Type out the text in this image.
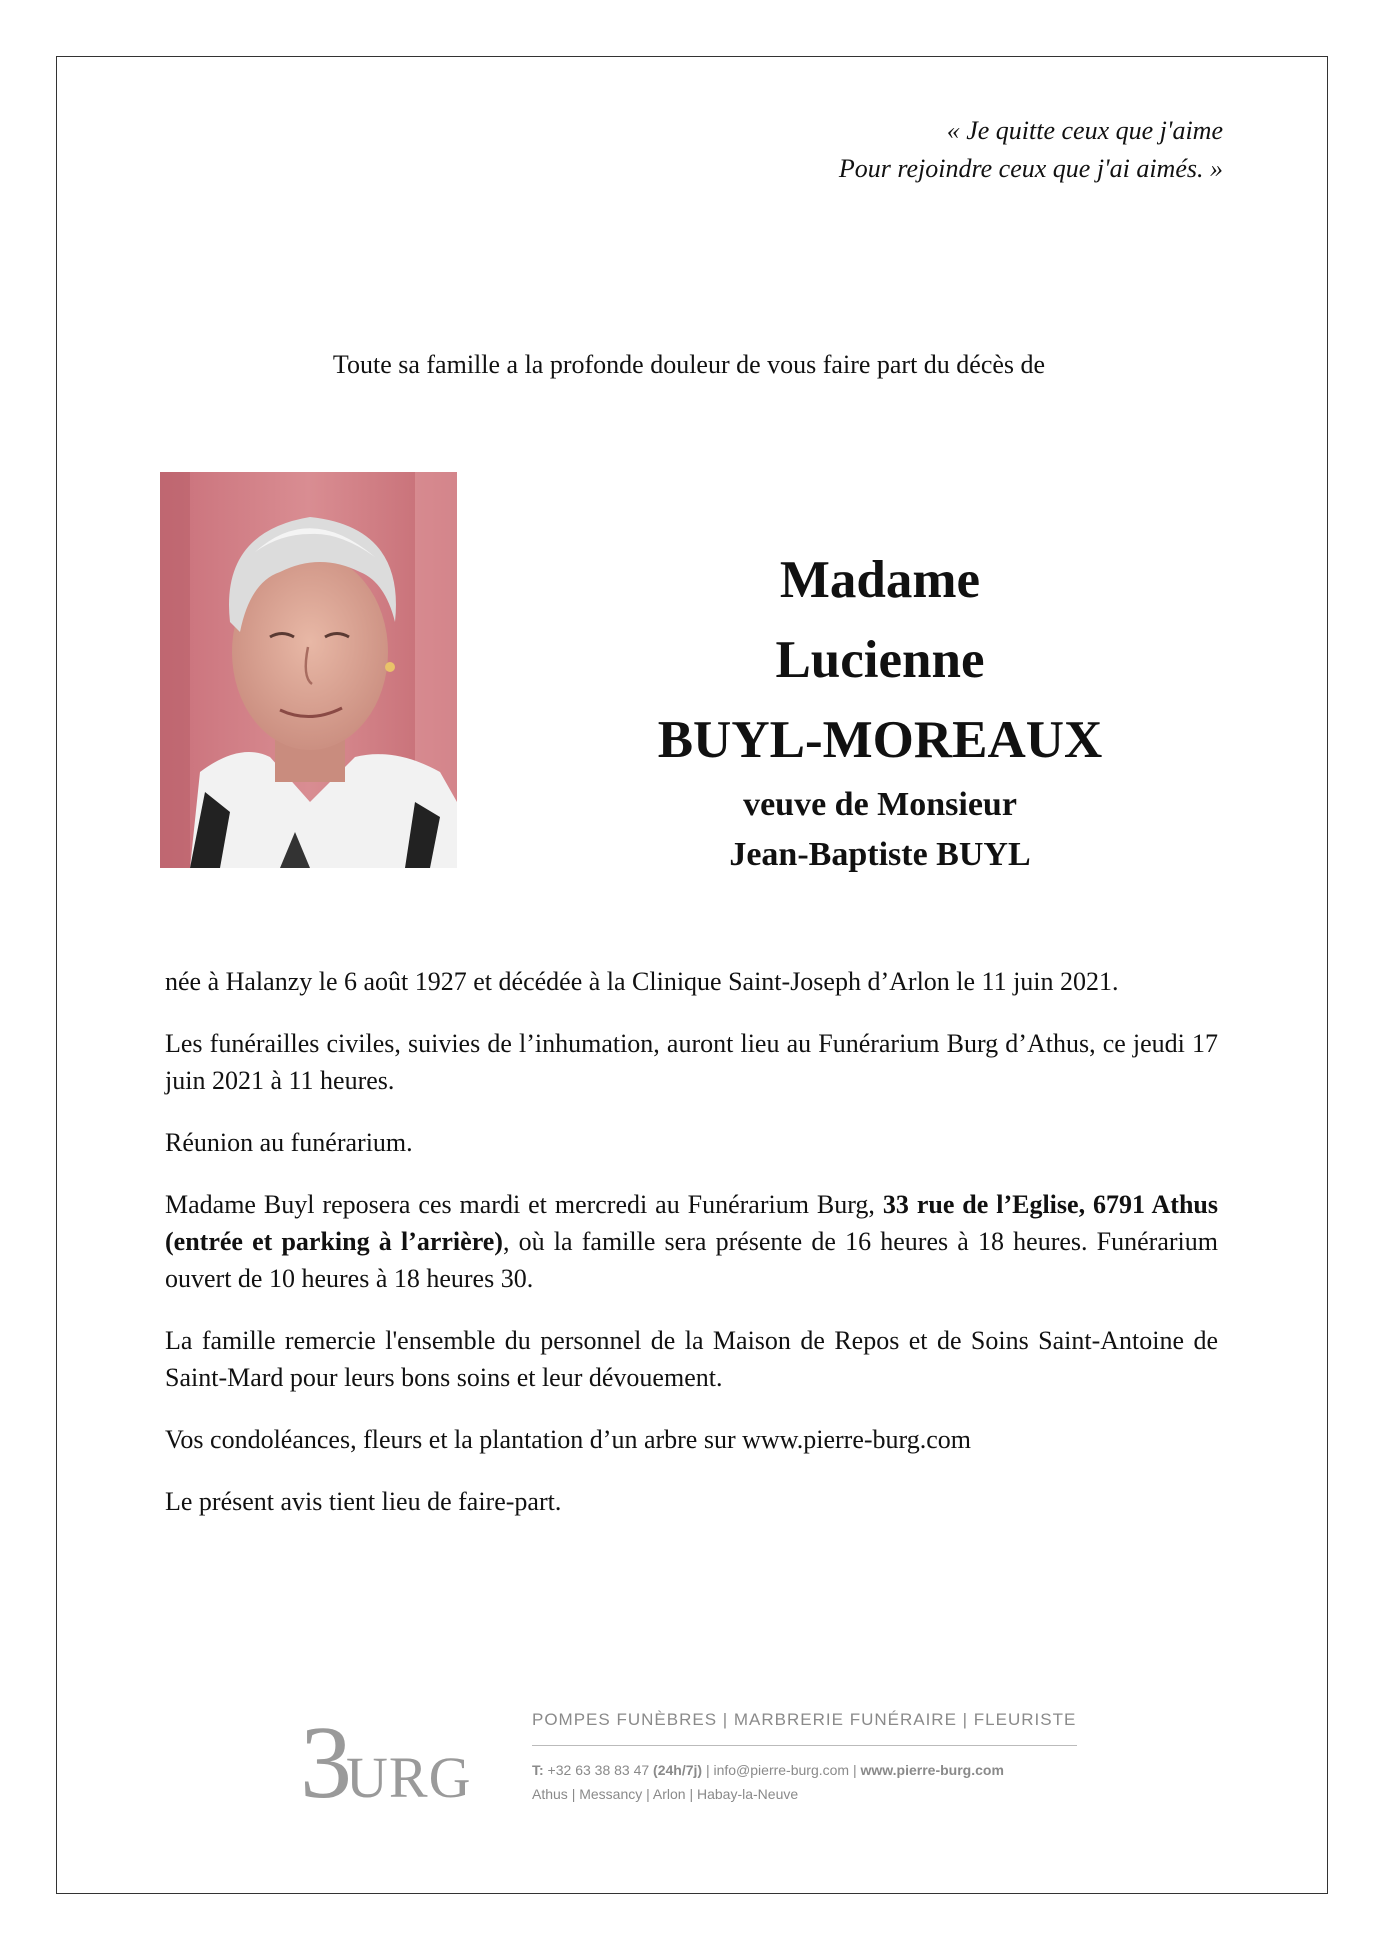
« Je quitte ceux que j'aime
Pour rejoindre ceux que j'ai aimés. »
Toute sa famille a la profonde douleur de vous faire part du décès de
Madame
Lucienne
BUYL-MOREAUX
veuve de Monsieur
Jean-Baptiste BUYL

née à Halanzy le 6 août 1927 et décédée à la Clinique Saint-Joseph d’Arlon le 11 juin 2021.

Les funérailles civiles, suivies de l’inhumation, auront lieu au Funérarium Burg d’Athus, ce jeudi 17 juin 2021 à 11 heures.

Réunion au funérarium.

Madame Buyl reposera ces mardi et mercredi au Funérarium Burg, 33 rue de l’Eglise, 6791 Athus (entrée et parking à l’arrière), où la famille sera présente de 16 heures à 18 heures. Funérarium ouvert de 10 heures à 18 heures 30.

La famille remercie l'ensemble du personnel de la Maison de Repos et de Soins Saint-Antoine de Saint-Mard pour leurs bons soins et leur dévouement.

Vos condoléances, fleurs et la plantation d’un arbre sur www.pierre-burg.com

Le présent avis tient lieu de faire-part.

3
URG
POMPES FUNÈBRES | MARBRERIE FUNÉRAIRE | FLEURISTE
T: +32 63 38 83 47 (24h/7j) | info@pierre-burg.com | www.pierre-burg.com
Athus | Messancy | Arlon | Habay-la-Neuve
